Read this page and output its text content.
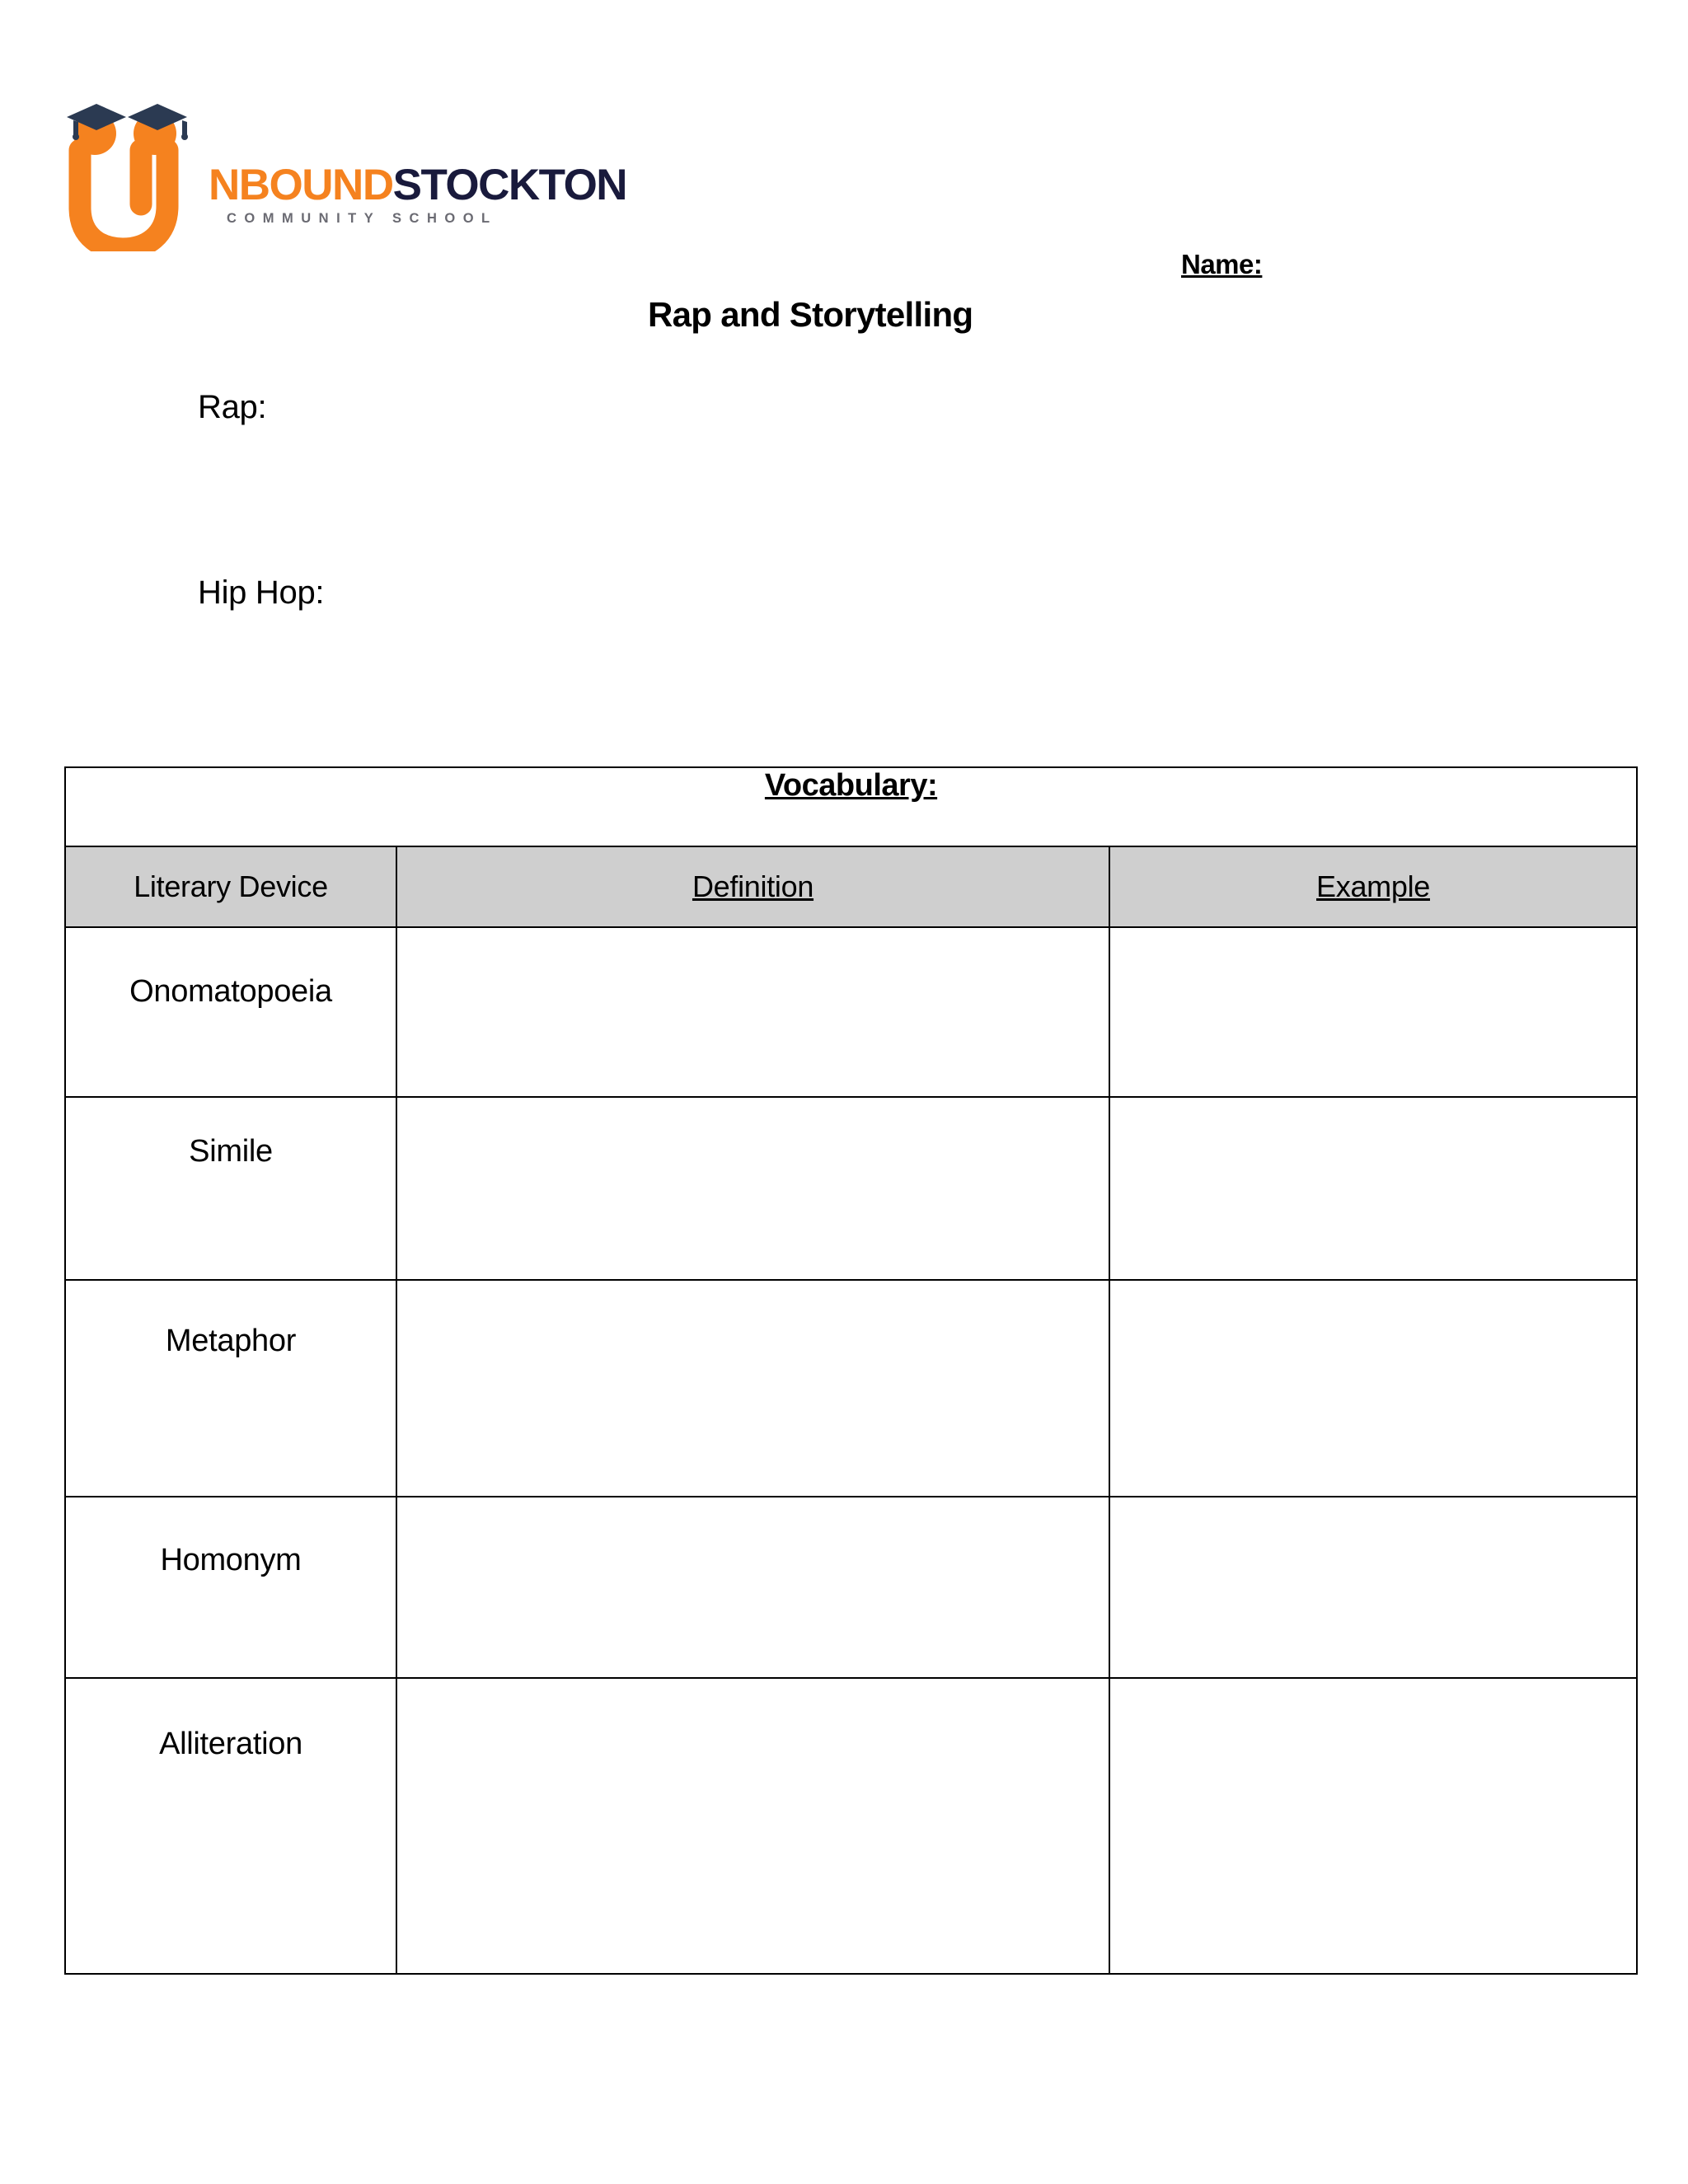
NBOUNDSTOCKTON
COMMUNITY SCHOOL
Name:
Rap and Storytelling
Rap:
Hip Hop:
Vocabulary:		
Literary Device	Definition	Example
Onomatopoeia		
Simile		
Metaphor		
Homonym		
Alliteration		
